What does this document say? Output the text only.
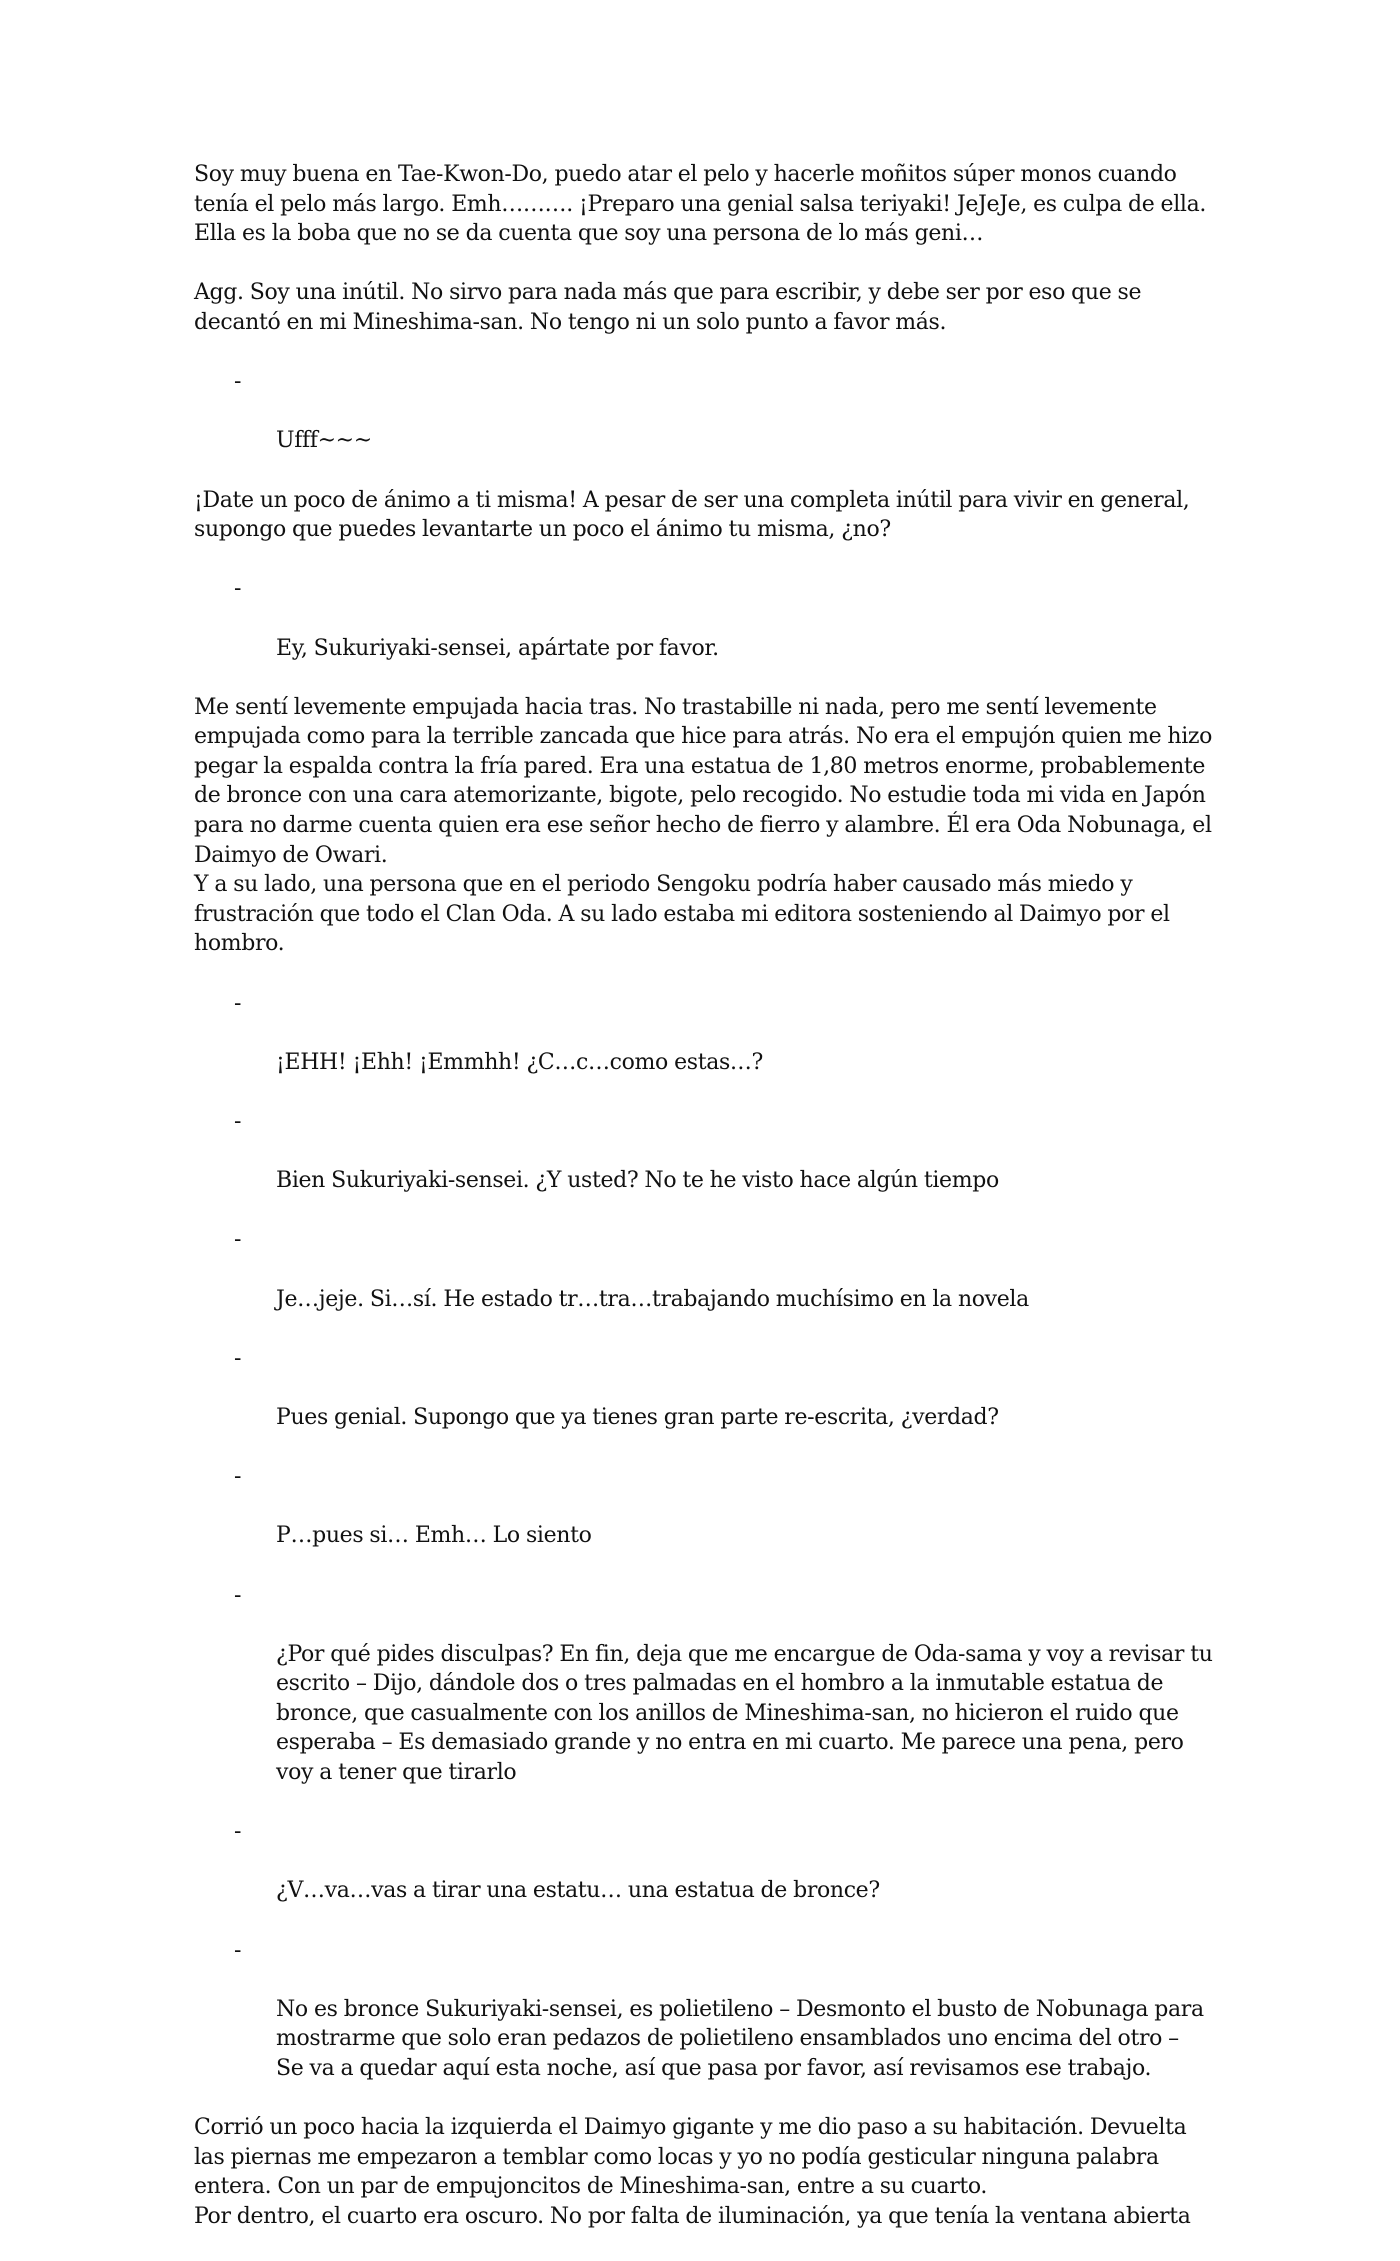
Soy muy buena en Tae-Kwon-Do, puedo atar el pelo y hacerle moñitos súper monos cuando
tenía el pelo más largo. Emh………. ¡Preparo una genial salsa teriyaki! JeJeJe, es culpa de ella.
Ella es la boba que no se da cuenta que soy una persona de lo más geni…

Agg. Soy una inútil. No sirvo para nada más que para escribir, y debe ser por eso que se
decantó en mi Mineshima-san. No tengo ni un solo punto a favor más.

-

Ufff~~~

¡Date un poco de ánimo a ti misma! A pesar de ser una completa inútil para vivir en general,
supongo que puedes levantarte un poco el ánimo tu misma, ¿no?

-

Ey, Sukuriyaki-sensei, apártate por favor.

Me sentí levemente empujada hacia tras. No trastabille ni nada, pero me sentí levemente
empujada como para la terrible zancada que hice para atrás. No era el empujón quien me hizo
pegar la espalda contra la fría pared. Era una estatua de 1,80 metros enorme, probablemente
de bronce con una cara atemorizante, bigote, pelo recogido. No estudie toda mi vida en Japón
para no darme cuenta quien era ese señor hecho de fierro y alambre. Él era Oda Nobunaga, el
Daimyo de Owari.

Y a su lado, una persona que en el periodo Sengoku podría haber causado más miedo y
frustración que todo el Clan Oda. A su lado estaba mi editora sosteniendo al Daimyo por el
hombro.

-

¡EHH! ¡Ehh! ¡Emmhh! ¿C…c…como estas…?

-

Bien Sukuriyaki-sensei. ¿Y usted? No te he visto hace algún tiempo

-

Je…jeje. Si…sí. He estado tr…tra…trabajando muchísimo en la novela

-

Pues genial. Supongo que ya tienes gran parte re-escrita, ¿verdad?

-

P…pues si… Emh… Lo siento

-

¿Por qué pides disculpas? En fin, deja que me encargue de Oda-sama y voy a revisar tu
escrito – Dijo, dándole dos o tres palmadas en el hombro a la inmutable estatua de
bronce, que casualmente con los anillos de Mineshima-san, no hicieron el ruido que
esperaba – Es demasiado grande y no entra en mi cuarto. Me parece una pena, pero
voy a tener que tirarlo

-

¿V…va…vas a tirar una estatu… una estatua de bronce?

-

No es bronce Sukuriyaki-sensei, es polietileno – Desmonto el busto de Nobunaga para
mostrarme que solo eran pedazos de polietileno ensamblados uno encima del otro –
Se va a quedar aquí esta noche, así que pasa por favor, así revisamos ese trabajo.

Corrió un poco hacia la izquierda el Daimyo gigante y me dio paso a su habitación. Devuelta
las piernas me empezaron a temblar como locas y yo no podía gesticular ninguna palabra
entera. Con un par de empujoncitos de Mineshima-san, entre a su cuarto.

Por dentro, el cuarto era oscuro. No por falta de iluminación, ya que tenía la ventana abierta
